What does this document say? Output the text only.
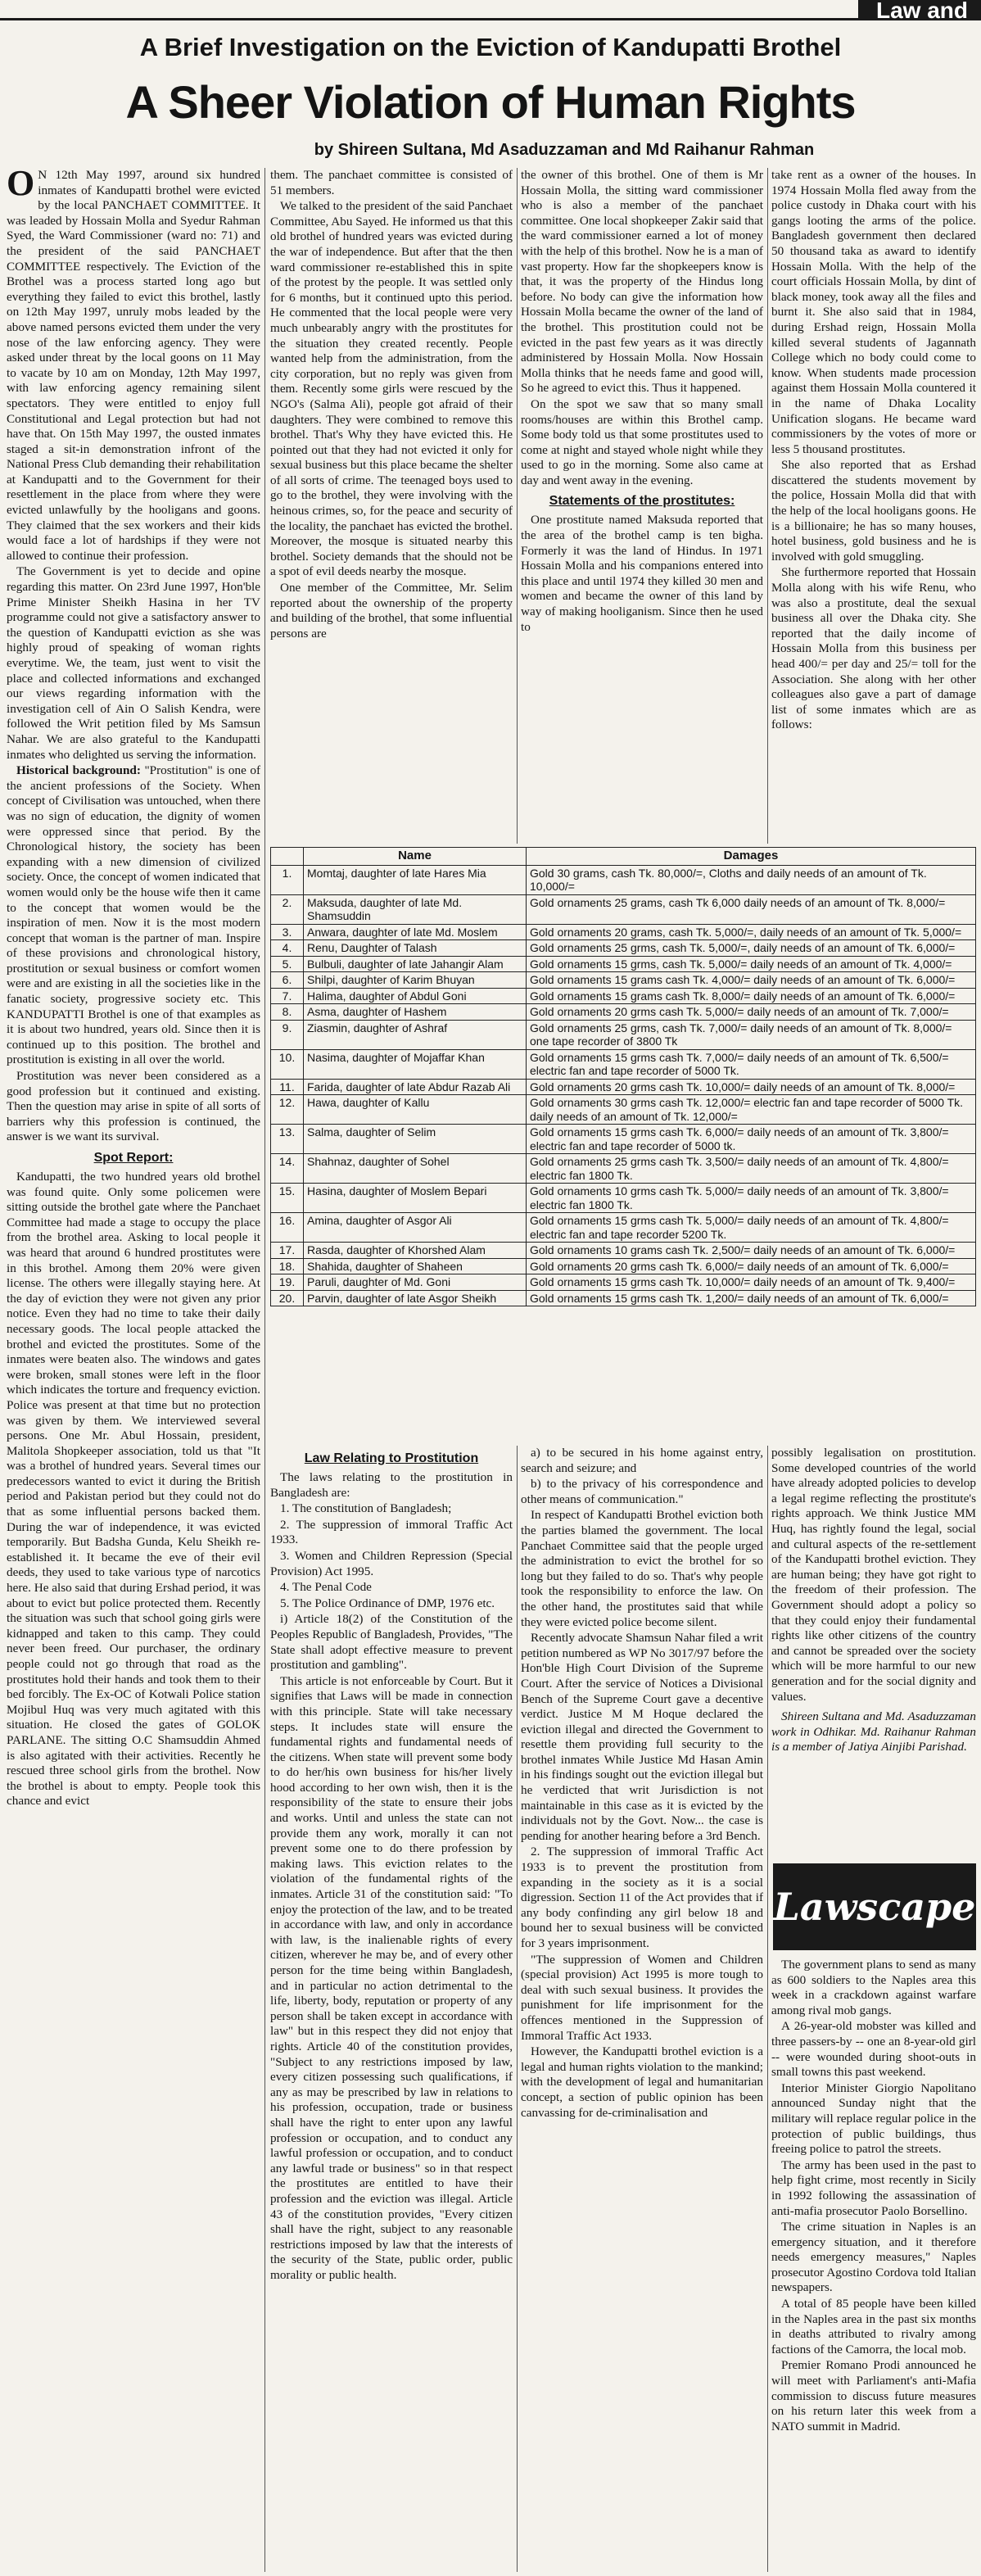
Law and
A Brief Investigation on the Eviction of Kandupatti Brothel
A Sheer Violation of Human Rights
by Shireen Sultana, Md Asaduzzaman and Md Raihanur Rahman

O N 12th May 1997, around six hundred inmates of Kandupatti brothel were evicted by the local PANCHAET COMMITTEE. It was leaded by Hossain Molla and Syedur Rahman Syed, the Ward Commissioner (ward no: 71) and the president of the said PANCHAET COMMITTEE respectively. The Eviction of the Brothel was a process started long ago but everything they failed to evict this brothel, lastly on 12th May 1997, unruly mobs leaded by the above named persons evicted them under the very nose of the law enforcing agency. They were asked under threat by the local goons on 11 May to vacate by 10 am on Monday, 12th May 1997, with law enforcing agency remaining silent spectators. They were entitled to enjoy full Constitutional and Legal protection but had not have that. On 15th May 1997, the ousted inmates staged a sit-in demonstration infront of the National Press Club demanding their rehabilitation at Kandupatti and to the Government for their resettlement in the place from where they were evicted unlawfully by the hooligans and goons. They claimed that the sex workers and their kids would face a lot of hardships if they were not allowed to continue their profession.

The Government is yet to decide and opine regarding this matter. On 23rd June 1997, Hon'ble Prime Minister Sheikh Hasina in her TV programme could not give a satisfactory answer to the question of Kandupatti eviction as she was highly proud of speaking of woman rights everytime. We, the team, just went to visit the place and collected informations and exchanged our views regarding information with the investigation cell of Ain O Salish Kendra, were followed the Writ petition filed by Ms Samsun Nahar. We are also grateful to the Kandupatti inmates who delighted us serving the information.

Historical background: "Prostitution" is one of the ancient professions of the Society. When concept of Civilisation was untouched, when there was no sign of education, the dignity of women were oppressed since that period. By the Chronological history, the society has been expanding with a new dimension of civilized society. Once, the concept of women indicated that women would only be the house wife then it came to the concept that women would be the inspiration of men. Now it is the most modern concept that woman is the partner of man. Inspire of these provisions and chronological history, prostitution or sexual business or comfort women were and are existing in all the societies like in the fanatic society, progressive society etc. This KANDUPATTI Brothel is one of that examples as it is about two hundred, years old. Since then it is continued up to this position. The brothel and prostitution is existing in all over the world.

Prostitution was never been considered as a good profession but it continued and existing. Then the question may arise in spite of all sorts of barriers why this profession is continued, the answer is we want its survival.

Spot Report:

Kandupatti, the two hundred years old brothel was found quite. Only some policemen were sitting outside the brothel gate where the Panchaet Committee had made a stage to occupy the place from the brothel area. Asking to local people it was heard that around 6 hundred prostitutes were in this brothel. Among them 20% were given license. The others were illegally staying here. At the day of eviction they were not given any prior notice. Even they had no time to take their daily necessary goods. The local people attacked the brothel and evicted the prostitutes. Some of the inmates were beaten also. The windows and gates were broken, small stones were left in the floor which indicates the torture and frequency eviction. Police was present at that time but no protection was given by them. We interviewed several persons. One Mr. Abul Hossain, president, Malitola Shopkeeper association, told us that "It was a brothel of hundred years. Several times our predecessors wanted to evict it during the British period and Pakistan period but they could not do that as some influential persons backed them. During the war of independence, it was evicted temporarily. But Badsha Gunda, Kelu Sheikh re-established it. It became the eve of their evil deeds, they used to take various type of narcotics here. He also said that during Ershad period, it was about to evict but police protected them. Recently the situation was such that school going girls were kidnapped and taken to this camp. They could never been freed. Our purchaser, the ordinary people could not go through that road as the prostitutes hold their hands and took them to their bed forcibly. The Ex-OC of Kotwali Police station Mojibul Huq was very much agitated with this situation. He closed the gates of GOLOK PARLANE. The sitting O.C Shamsuddin Ahmed is also agitated with their activities. Recently he rescued three school girls from the brothel. Now the brothel is about to empty. People took this chance and evict

them. The panchaet committee is consisted of 51 members.

We talked to the president of the said Panchaet Committee, Abu Sayed. He informed us that this old brothel of hundred years was evicted during the war of independence. But after that the then ward commissioner re-established this in spite of the protest by the people. It was settled only for 6 months, but it continued upto this period. He commented that the local people were very much unbearably angry with the prostitutes for the situation they created recently. People wanted help from the administration, from the city corporation, but no reply was given from them. Recently some girls were rescued by the NGO's (Salma Ali), people got afraid of their daughters. They were combined to remove this brothel. That's Why they have evicted this. He pointed out that they had not evicted it only for sexual business but this place became the shelter of all sorts of crime. The teenaged boys used to go to the brothel, they were involving with the heinous crimes, so, for the peace and security of the locality, the panchaet has evicted the brothel. Moreover, the mosque is situated nearby this brothel. Society demands that the should not be a spot of evil deeds nearby the mosque.

One member of the Committee, Mr. Selim reported about the ownership of the property and building of the brothel, that some influential persons are

the owner of this brothel. One of them is Mr Hossain Molla, the sitting ward commissioner who is also a member of the panchaet committee. One local shopkeeper Zakir said that the ward commissioner earned a lot of money with the help of this brothel. Now he is a man of vast property. How far the shopkeepers know is that, it was the property of the Hindus long before. No body can give the information how Hossain Molla became the owner of the land of the brothel. This prostitution could not be evicted in the past few years as it was directly administered by Hossain Molla. Now Hossain Molla thinks that he needs fame and good will, So he agreed to evict this. Thus it happened.

On the spot we saw that so many small rooms/houses are within this Brothel camp. Some body told us that some prostitutes used to come at night and stayed whole night while they used to go in the morning. Some also came at day and went away in the evening.

Statements of the prostitutes:

One prostitute named Maksuda reported that the area of the brothel camp is ten bigha. Formerly it was the land of Hindus. In 1971 Hossain Molla and his companions entered into this place and until 1974 they killed 30 men and women and became the owner of this land by way of making hooliganism. Since then he used to

take rent as a owner of the houses. In 1974 Hossain Molla fled away from the police custody in Dhaka court with his gangs looting the arms of the police. Bangladesh government then declared 50 thousand taka as award to identify Hossain Molla. With the help of the court officials Hossain Molla, by dint of black money, took away all the files and burnt it. She also said that in 1984, during Ershad reign, Hossain Molla killed several students of Jagannath College which no body could come to know. When students made procession against them Hossain Molla countered it in the name of Dhaka Locality Unification slogans. He became ward commissioners by the votes of more or less 5 thousand prostitutes.

She also reported that as Ershad discattered the students movement by the police, Hossain Molla did that with the help of the local hooligans goons. He is a billionaire; he has so many houses, hotel business, gold business and he is involved with gold smuggling.

She furthermore reported that Hossain Molla along with his wife Renu, who was also a prostitute, deal the sexual business all over the Dhaka city. She reported that the daily income of Hossain Molla from this business per head 400/= per day and 25/= toll for the Association. She along with her other colleagues also gave a part of damage list of some inmates which are as follows:

	Name	Damages
1.	Momtaj, daughter of late Hares Mia	Gold 30 grams, cash Tk. 80,000/=, Cloths and daily needs of an amount of Tk. 10,000/=
2.	Maksuda, daughter of late Md. Shamsuddin	Gold ornaments 25 grams, cash Tk 6,000 daily needs of an amount of Tk. 8,000/=
3.	Anwara, daughter of late Md. Moslem	Gold ornaments 20 grams, cash Tk. 5,000/=, daily needs of an amount of Tk. 5,000/=
4.	Renu, Daughter of Talash	Gold ornaments 25 grms, cash Tk. 5,000/=, daily needs of an amount of Tk. 6,000/=
5.	Bulbuli, daughter of late Jahangir Alam	Gold ornaments 15 grms, cash Tk. 5,000/= daily needs of an amount of Tk. 4,000/=
6.	Shilpi, daughter of Karim Bhuyan	Gold ornaments 15 grams cash Tk. 4,000/= daily needs of an amount of Tk. 6,000/=
7.	Halima, daughter of Abdul Goni	Gold ornaments 15 grams cash Tk. 8,000/= daily needs of an amount of Tk. 6,000/=
8.	Asma, daughter of Hashem	Gold ornaments 20 grms cash Tk. 5,000/= daily needs of an amount of Tk. 7,000/=
9.	Ziasmin, daughter of Ashraf	Gold ornaments 25 grms, cash Tk. 7,000/= daily needs of an amount of Tk. 8,000/= one tape recorder of 3800 Tk
10.	Nasima, daughter of Mojaffar Khan	Gold ornaments 15 grms cash Tk. 7,000/= daily needs of an amount of Tk. 6,500/= electric fan and tape recorder of 5000 Tk.
11.	Farida, daughter of late Abdur Razab Ali	Gold ornaments 20 grms cash Tk. 10,000/= daily needs of an amount of Tk. 8,000/=
12.	Hawa, daughter of Kallu	Gold ornaments 30 grms cash Tk. 12,000/= electric fan and tape recorder of 5000 Tk. daily needs of an amount of Tk. 12,000/=
13.	Salma, daughter of Selim	Gold ornaments 15 grms cash Tk. 6,000/= daily needs of an amount of Tk. 3,800/= electric fan and tape recorder of 5000 tk.
14.	Shahnaz, daughter of Sohel	Gold ornaments 25 grms cash Tk. 3,500/= daily needs of an amount of Tk. 4,800/= electric fan 1800 Tk.
15.	Hasina, daughter of Moslem Bepari	Gold ornaments 10 grms cash Tk. 5,000/= daily needs of an amount of Tk. 3,800/= electric fan 1800 Tk.
16.	Amina, daughter of Asgor Ali	Gold ornaments 15 grms cash Tk. 5,000/= daily needs of an amount of Tk. 4,800/= electric fan and tape recorder 5200 Tk.
17.	Rasda, daughter of Khorshed Alam	Gold ornaments 10 grams cash Tk. 2,500/= daily needs of an amount of Tk. 6,000/=
18.	Shahida, daughter of Shaheen	Gold ornaments 20 grms cash Tk. 6,000/= daily needs of an amount of Tk. 6,000/=
19.	Paruli, daughter of Md. Goni	Gold ornaments 15 grms cash Tk. 10,000/= daily needs of an amount of Tk. 9,400/=
20.	Parvin, daughter of late Asgor Sheikh	Gold ornaments 15 grms cash Tk. 1,200/= daily needs of an amount of Tk. 6,000/=
Law Relating to Prostitution

The laws relating to the prostitution in Bangladesh are:

1. The constitution of Bangladesh;

2. The suppression of immoral Traffic Act 1933.

3. Women and Children Repression (Special Provision) Act 1995.

4. The Penal Code

5. The Police Ordinance of DMP, 1976 etc.

i) Article 18(2) of the Constitution of the Peoples Republic of Bangladesh, Provides, "The State shall adopt effective measure to prevent prostitution and gambling".

This article is not enforceable by Court. But it signifies that Laws will be made in connection with this principle. State will take necessary steps. It includes state will ensure the fundamental rights and fundamental needs of the citizens. When state will prevent some body to do her/his own business for his/her lively hood according to her own wish, then it is the responsibility of the state to ensure their jobs and works. Until and unless the state can not provide them any work, morally it can not prevent some one to do there profession by making laws. This eviction relates to the violation of the fundamental rights of the inmates. Article 31 of the constitution said: "To enjoy the protection of the law, and to be treated in accordance with law, and only in accordance with law, is the inalienable rights of every citizen, wherever he may be, and of every other person for the time being within Bangladesh, and in particular no action detrimental to the life, liberty, body, reputation or property of any person shall be taken except in accordance with law" but in this respect they did not enjoy that rights. Article 40 of the constitution provides, "Subject to any restrictions imposed by law, every citizen possessing such qualifications, if any as may be prescribed by law in relations to his profession, occupation, trade or business shall have the right to enter upon any lawful profession or occupation, and to conduct any lawful profession or occupation, and to conduct any lawful trade or business" so in that respect the prostitutes are entitled to have their profession and the eviction was illegal. Article 43 of the constitution provides, "Every citizen shall have the right, subject to any reasonable restrictions imposed by law that the interests of the security of the State, public order, public morality or public health.

a) to be secured in his home against entry, search and seizure; and

b) to the privacy of his correspondence and other means of communication."

In respect of Kandupatti Brothel eviction both the parties blamed the government. The local Panchaet Committee said that the people urged the administration to evict the brothel for so long but they failed to do so. That's why people took the responsibility to enforce the law. On the other hand, the prostitutes said that while they were evicted police become silent.

Recently advocate Shamsun Nahar filed a writ petition numbered as WP No 3017/97 before the Hon'ble High Court Division of the Supreme Court. After the service of Notices a Divisional Bench of the Supreme Court gave a decentive verdict. Justice M M Hoque declared the eviction illegal and directed the Government to resettle them providing full security to the brothel inmates While Justice Md Hasan Amin in his findings sought out the eviction illegal but he verdicted that writ Jurisdiction is not maintainable in this case as it is evicted by the individuals not by the Govt. Now... the case is pending for another hearing before a 3rd Bench.

2. The suppression of immoral Traffic Act 1933 is to prevent the prostitution from expanding in the society as it is a social digression. Section 11 of the Act provides that if any body confinding any girl below 18 and bound her to sexual business will be convicted for 3 years imprisonment.

"The suppression of Women and Children (special provision) Act 1995 is more tough to deal with such sexual business. It provides the punishment for life imprisonment for the offences mentioned in the Suppression of Immoral Traffic Act 1933.

However, the Kandupatti brothel eviction is a legal and human rights violation to the mankind; with the development of legal and humanitarian concept, a section of public opinion has been canvassing for de-criminalisation and

possibly legalisation on prostitution. Some developed countries of the world have already adopted policies to develop a legal regime reflecting the prostitute's rights approach. We think Justice MM Huq, has rightly found the legal, social and cultural aspects of the re-settlement of the Kandupatti brothel eviction. They are human being; they have got right to the freedom of their profession. The Government should adopt a policy so that they could enjoy their fundamental rights like other citizens of the country and cannot be spreaded over the society which will be more harmful to our new generation and for the social dignity and values.

Shireen Sultana and Md. Asaduzzaman work in Odhikar. Md. Raihanur Rahman is a member of Jatiya Ainjibi Parishad.

Lawscape

The government plans to send as many as 600 soldiers to the Naples area this week in a crackdown against warfare among rival mob gangs.

A 26-year-old mobster was killed and three passers-by -- one an 8-year-old girl -- were wounded during shoot-outs in small towns this past weekend.

Interior Minister Giorgio Napolitano announced Sunday night that the military will replace regular police in the protection of public buildings, thus freeing police to patrol the streets.

The army has been used in the past to help fight crime, most recently in Sicily in 1992 following the assassination of anti-mafia prosecutor Paolo Borsellino.

The crime situation in Naples is an emergency situation, and it therefore needs emergency measures," Naples prosecutor Agostino Cordova told Italian newspapers.

A total of 85 people have been killed in the Naples area in the past six months in deaths attributed to rivalry among factions of the Camorra, the local mob.

Premier Romano Prodi announced he will meet with Parliament's anti-Mafia commission to discuss future measures on his return later this week from a NATO summit in Madrid.
